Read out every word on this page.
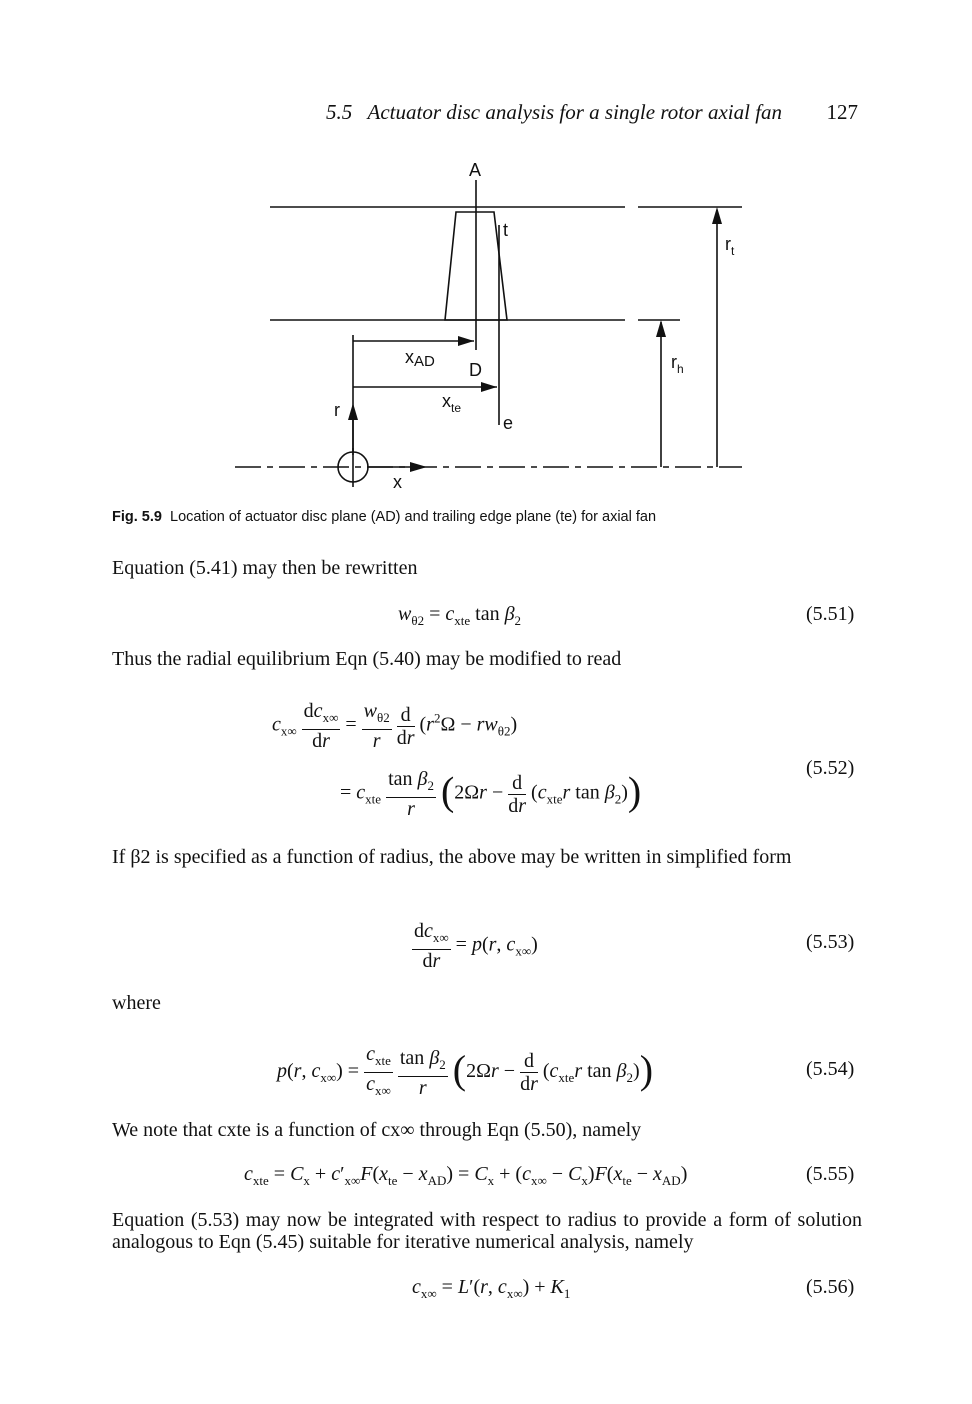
5.5 Actuator disc analysis for a single rotor axial fan 127
A
t
$r_t$
$r_h$
xAD D
$x_{te}$
e
r
x
Fig. 5.9 Location of actuator disc plane (AD) and trailing edge plane (te) for axial fan
Equation (5.41) may then be rewritten
$w_{\theta 2} = c_{xte}$ $\tan \beta_2$	(5.51)
Thus the radial equilibrium Eqn (5.40) may be modified to read
$c_{x\infty} \frac{dc_{x\infty}}{dr} = \frac{w_{\theta 2}}{r}$
$\frac{d}{dr} (r^2\Omega - rw_{\theta 2})$
= $c_{xte} \frac{\tan \beta_2}{r} (2\Omega r - \frac{d}{dr} (c_{xte}r$ $\tan \beta_2$))
(5.52)
If β2 is specified as a function of radius, the above may be written in simplified form
$\frac{dc_{x\infty}}{dr} = p(r$, $c_{x\infty}$)	(5.53)
where
p(r, $c_{x\infty}) = \frac{c_{xte}}{c_{x\infty}}$
$\frac{\tan \beta_2}{r} (2\Omega r - \frac{d}{dr} (c_{xte}r$ $\tan \beta_2$))	(5.54)
We note that cxte is a function of cx∞ through Eqn (5.50), namely
$c_{xte} = C_x + c'_{x\infty}F(x_{te} - x_{AD}) = C_x + (c_{x\infty} - C_x)F(x_{te} - x_{AD})$	(5.55)
Equation (5.53) may now be integrated with respect to radius to provide a form of solution analogous to Eqn (5.45) suitable for iterative numerical analysis, namely
$c_{x\infty} = L'(r$, $c_{x\infty}) + K_1$	(5.56)
